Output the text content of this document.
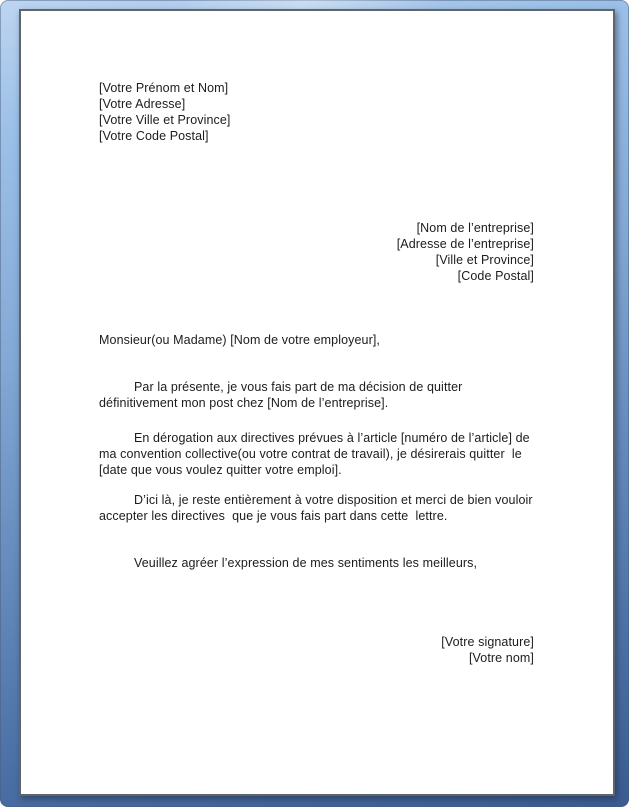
[Votre Prénom et Nom]
[Votre Adresse]
[Votre Ville et Province]
[Votre Code Postal]
[Nom de l’entreprise]
[Adresse de l’entreprise]
[Ville et Province]
[Code Postal]
Monsieur(ou Madame) [Nom de votre employeur],
Par la présente, je vous fais part de ma décision de quitter définitivement mon post chez [Nom de l’entreprise].
En dérogation aux directives prévues à l’article [numéro de l’article] de ma convention collective(ou votre contrat de travail), je désirerais quitter  le [date que vous voulez quitter votre emploi].
D’ici là, je reste entièrement à votre disposition et merci de bien vouloir accepter les directives  que je vous fais part dans cette  lettre.
Veuillez agréer l’expression de mes sentiments les meilleurs,
[Votre signature]
[Votre nom]
